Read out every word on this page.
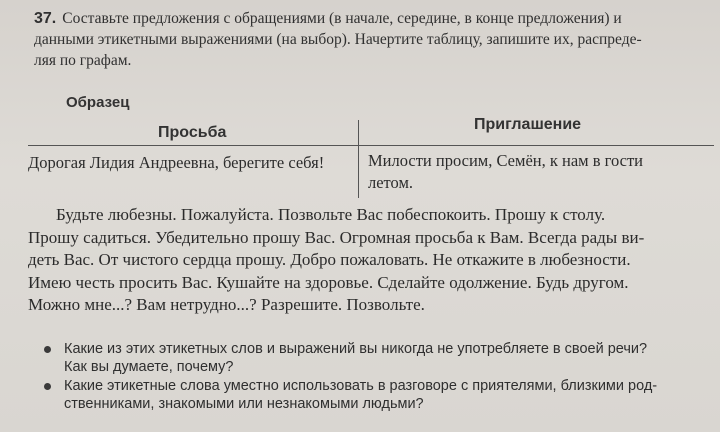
37. Составьте предложения с обращениями (в начале, середине, в конце предложения) и
данными этикетными выражениями (на выбор). Начертите таблицу, запишите их, распреде-
ляя по графам.
Образец
Просьба	Приглашение
Дорогая Лидия Андреевна, берегите себя!	Милости просим, Семён, к нам в гости
летом.
Будьте любезны. Пожалуйста. Позвольте Вас побеспокоить. Прошу к столу.
Прошу садиться. Убедительно прошу Вас. Огромная просьба к Вам. Всегда рады ви-
деть Вас. От чистого сердца прошу. Добро пожаловать. Не откажите в любезности.
Имею честь просить Вас. Кушайте на здоровье. Сделайте одолжение. Будь другом.
Можно мне...? Вам нетрудно...? Разрешите. Позвольте.
Какие из этих этикетных слов и выражений вы никогда не употребляете в своей речи?
Как вы думаете, почему?
Какие этикетные слова уместно использовать в разговоре с приятелями, близкими род-
ственниками, знакомыми или незнакомыми людьми?
